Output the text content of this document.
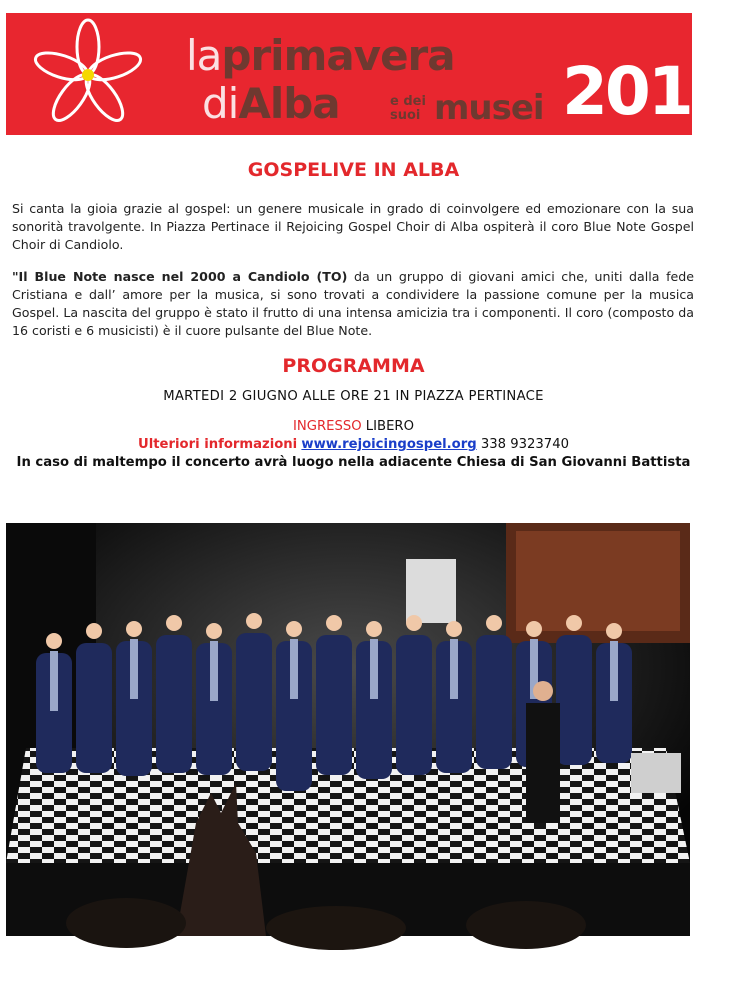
laprimavera
diAlba	e dei
suoi musei 2016
GOSPELIVE IN ALBA
Si canta la gioia grazie al gospel: un genere musicale in grado di coinvolgere ed emozionare con la sua sonorità travolgente. In Piazza Pertinace il Rejoicing Gospel Choir di Alba ospiterà il coro Blue Note Gospel Choir di Candiolo.
"Il Blue Note nasce nel 2000 a Candiolo (TO) da un gruppo di giovani amici che, uniti dalla fede Cristiana e dall’ amore per la musica, si sono trovati a condividere la passione comune per la musica Gospel. La nascita del gruppo è stato il frutto di una intensa amicizia tra i componenti. Il coro (composto da 16 coristi e 6 musicisti) è il cuore pulsante del Blue Note.
PROGRAMMA
MARTEDI 2 GIUGNO ALLE ORE 21 IN PIAZZA PERTINACE
INGRESSO LIBERO
Ulteriori informazioni www.rejoicingospel.org 338 9323740
In caso di maltempo il concerto avrà luogo nella adiacente Chiesa di San Giovanni Battista
